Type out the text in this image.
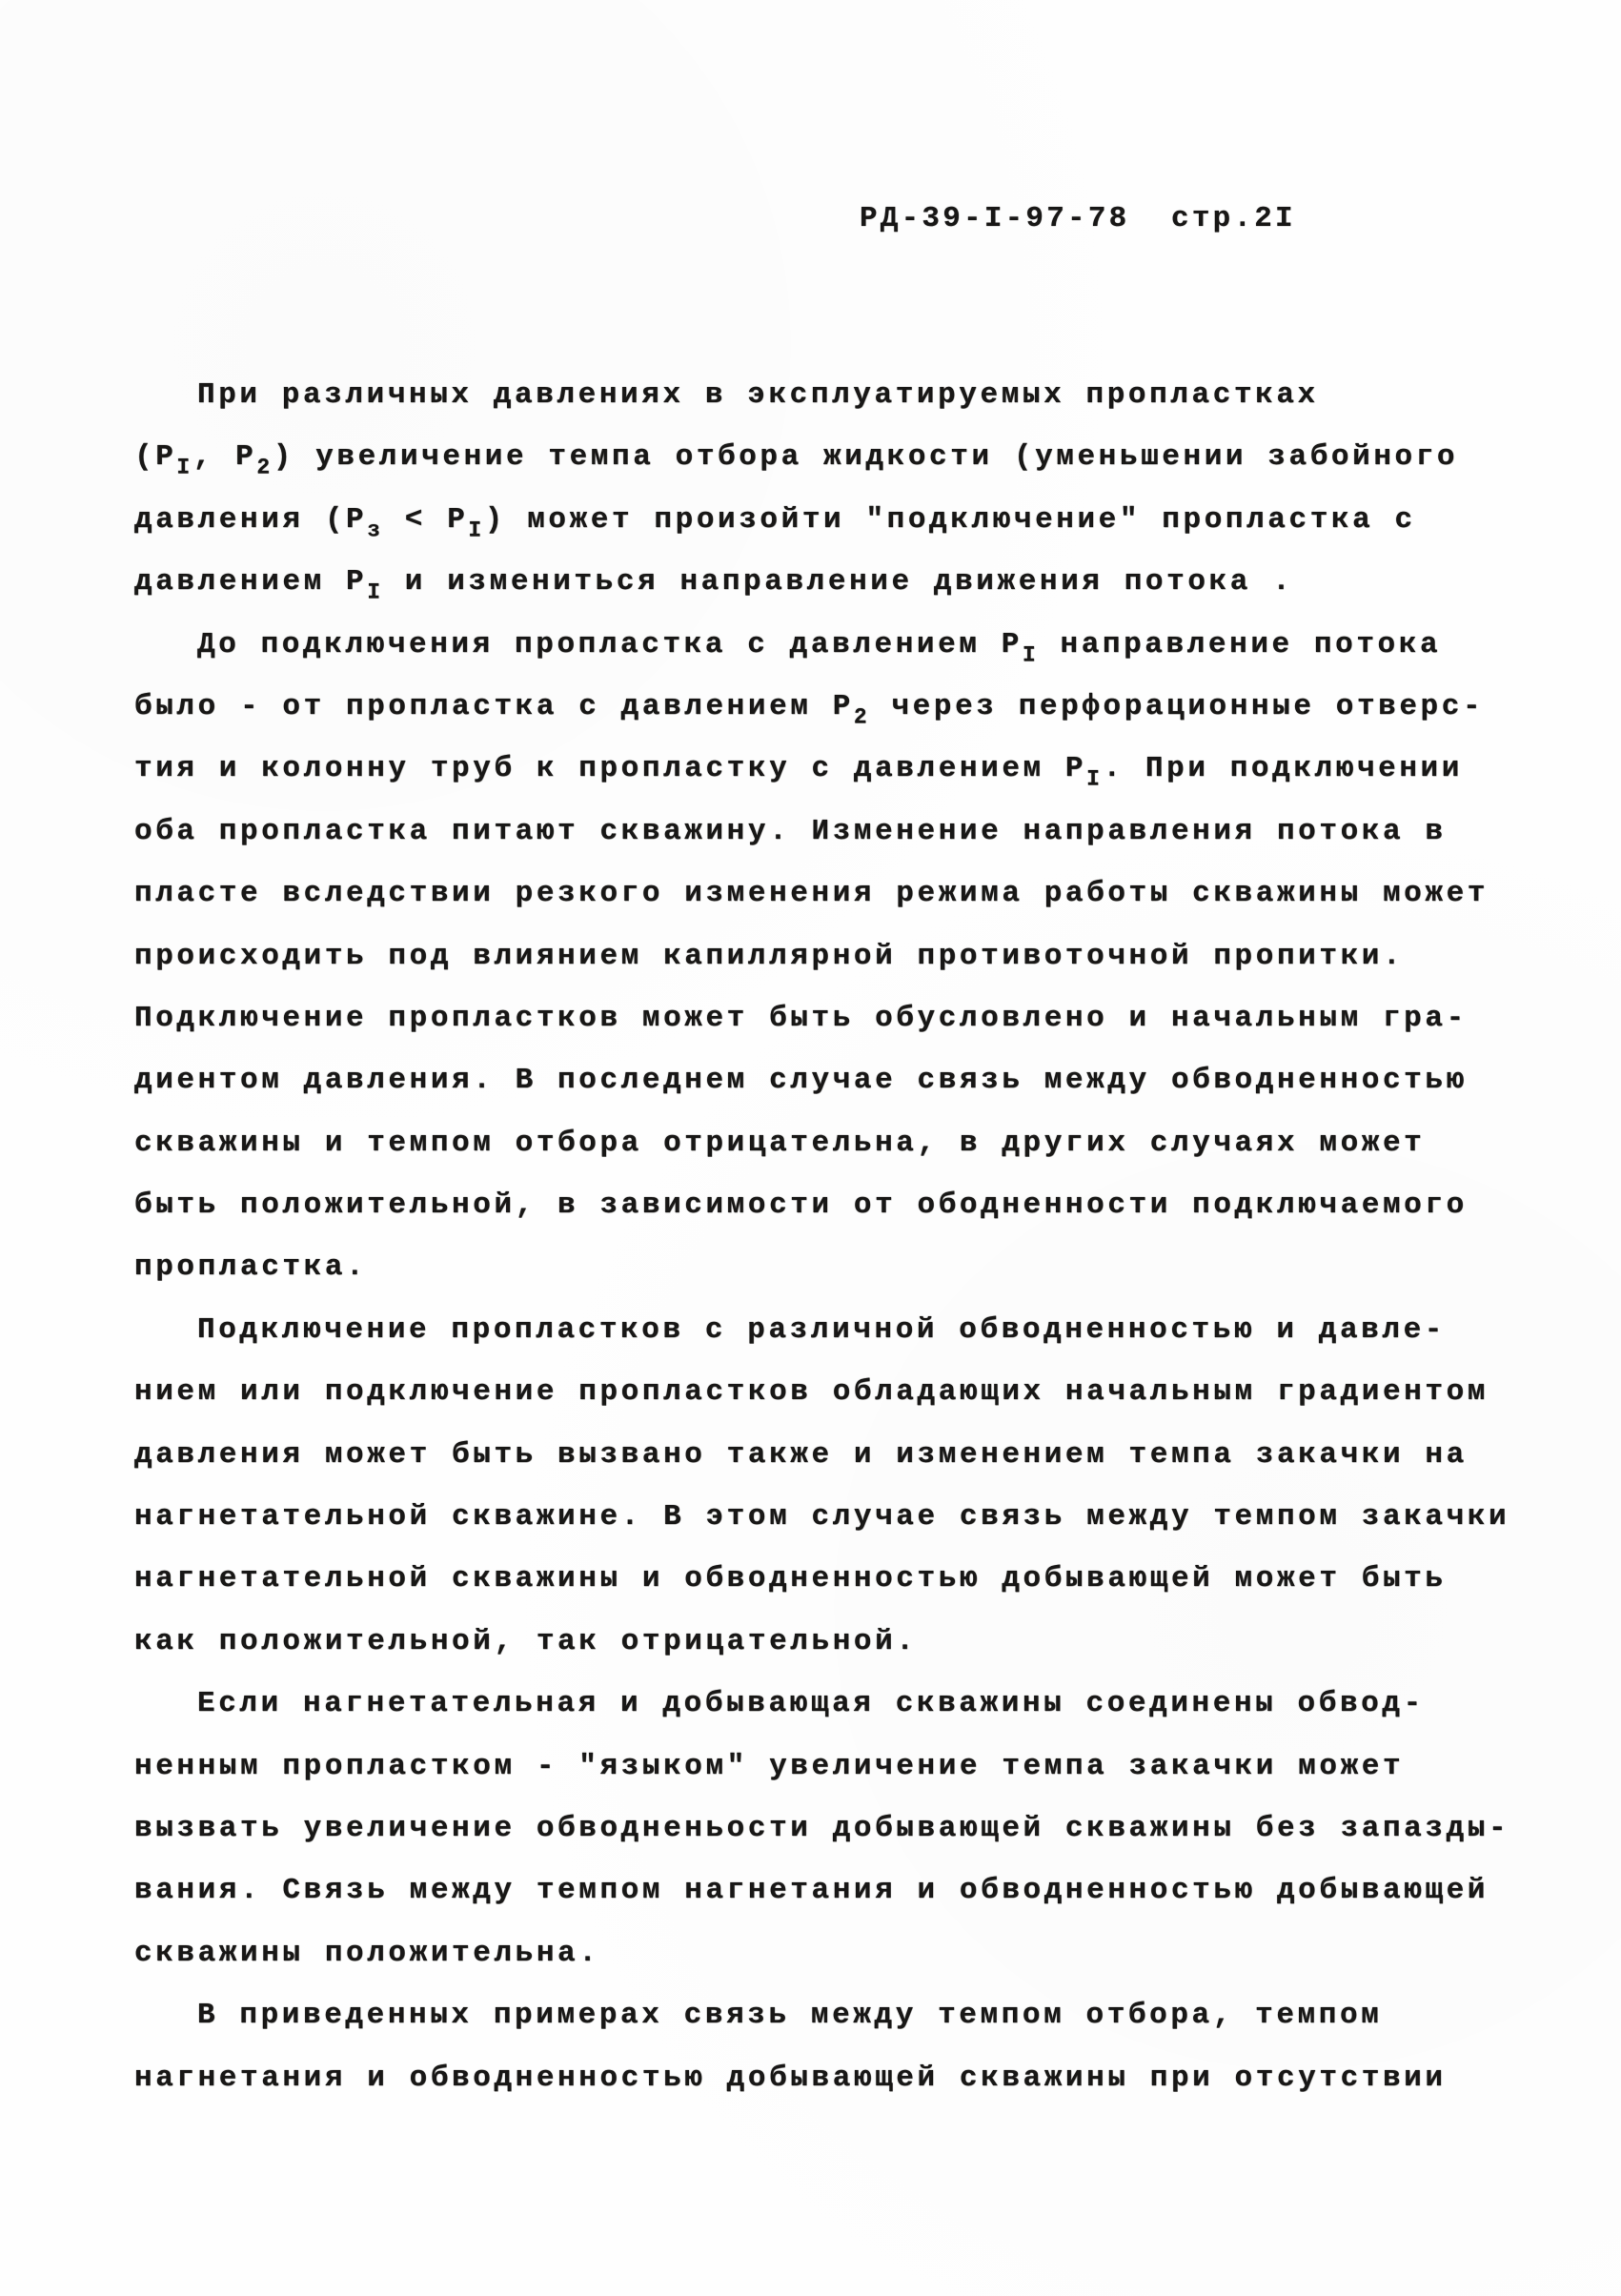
РД-39-I-97-78  стр.2I
При различных давлениях в эксплуатируемых пропластках
($Р_I$, $Р_2$) увеличение темпа отбора жидкости (уменьшении забойного
давления $(Р_з < Р_I)$ может произойти "подключение" пропластка с
давлением $Р_I$ и измениться направление движения потока .
До подключения пропластка с давлением $Р_I$ направление потока
было - от пропластка с давлением $Р_2$ через перфорационные отверс-
тия и колонну труб к пропластку с давлением $Р_I$. При подключении
оба пропластка питают скважину. Изменение направления потока в
пласте вследствии резкого изменения режима работы скважины может
происходить под влиянием капиллярной противоточной пропитки.
Подключение пропластков может быть обусловлено и начальным гра-
диентом давления. В последнем случае связь между обводненностью
скважины и темпом отбора отрицательна, в других случаях может
быть положительной, в зависимости от ободненности подключаемого
пропластка.
Подключение пропластков с различной обводненностью и давле-
нием или подключение пропластков обладающих начальным градиентом
давления может быть вызвано также и изменением темпа закачки на
нагнетательной скважине. В этом случае связь между темпом закачки
нагнетательной скважины и обводненностью добывающей может быть
как положительной, так отрицательной.
Если нагнетательная и добывающая скважины соединены обвод-
ненным пропластком - "языком" увеличение темпа закачки может
вызвать увеличение обводненьости добывающей скважины без запазды-
вания. Связь между темпом нагнетания и обводненностью добывающей
скважины положительна.
В приведенных примерах связь между темпом отбора, темпом
нагнетания и обводненностью добывающей скважины при отсутствии
